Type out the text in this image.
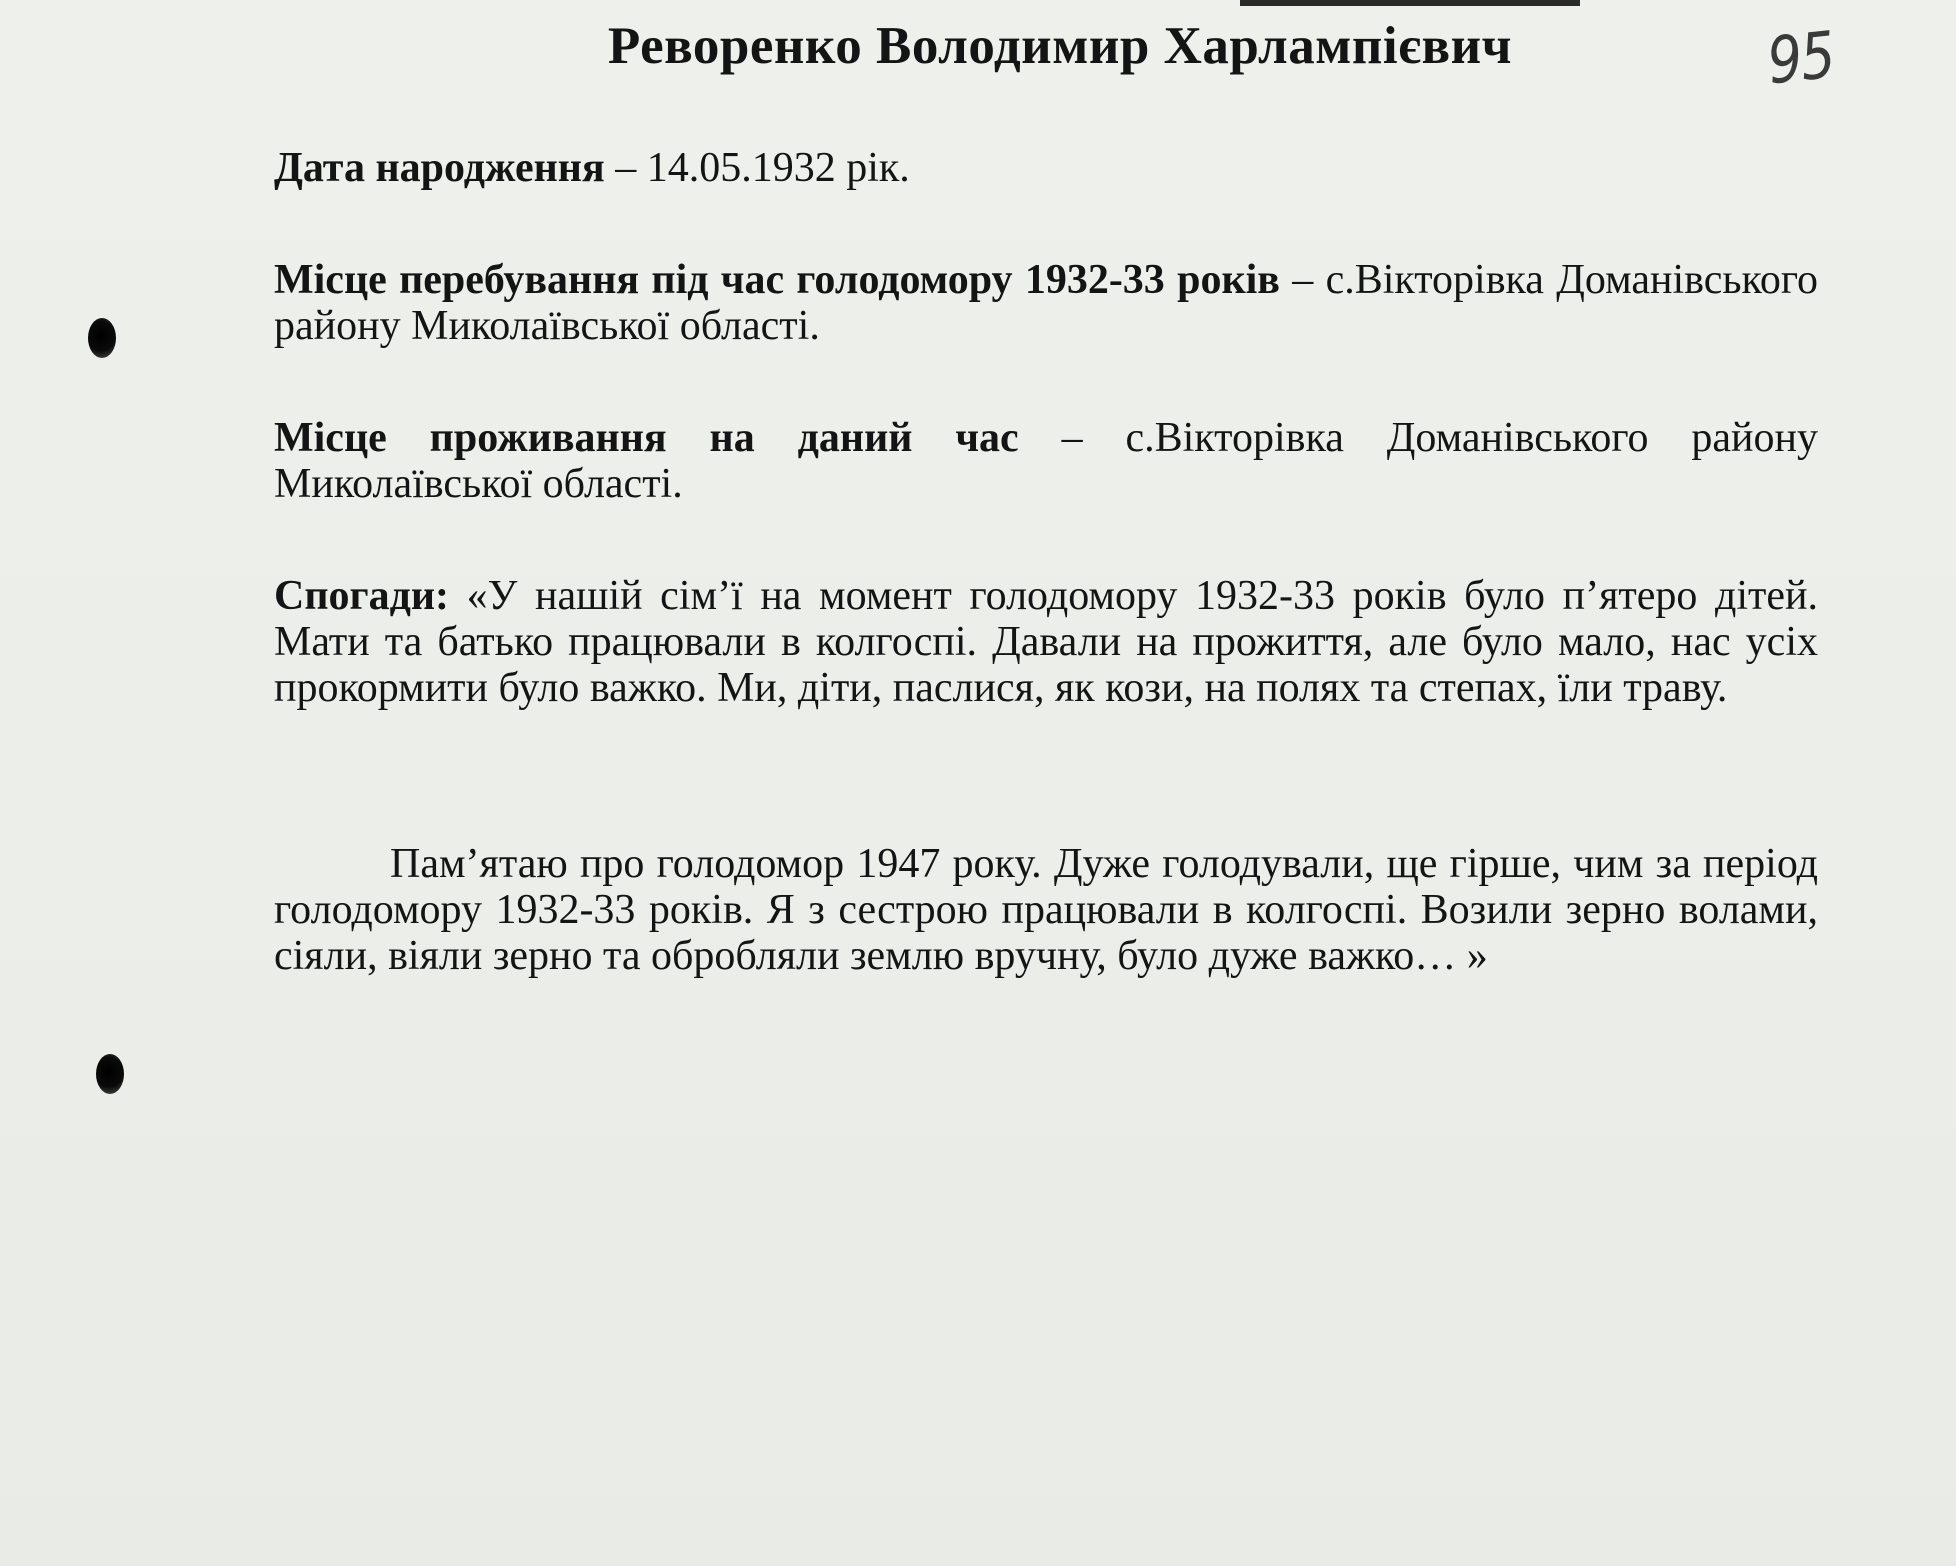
Реворенко Володимир Харлампієвич	95

Дата народження – 14.05.1932 рік.

Місце перебування під час голодомору 1932-33 років – с.Вікторівка Доманівського району Миколаївської області.

Місце проживання на даний час – с.Вікторівка Доманівського району Миколаївської області.

Спогади: «У нашій сім’ї на момент голодомору 1932-33 років було п’ятеро дітей. Мати та батько працювали в колгоспі. Давали на прожиття, але було мало, нас усіх прокормити було важко. Ми, діти, паслися, як кози, на полях та степах, їли траву.

Пам’ятаю про голодомор 1947 року. Дуже голодували, ще гірше, чим за період голодомору 1932-33 років. Я з сестрою працювали в колгоспі. Возили зерно волами, сіяли, віяли зерно та обробляли землю вручну, було дуже важко… »
